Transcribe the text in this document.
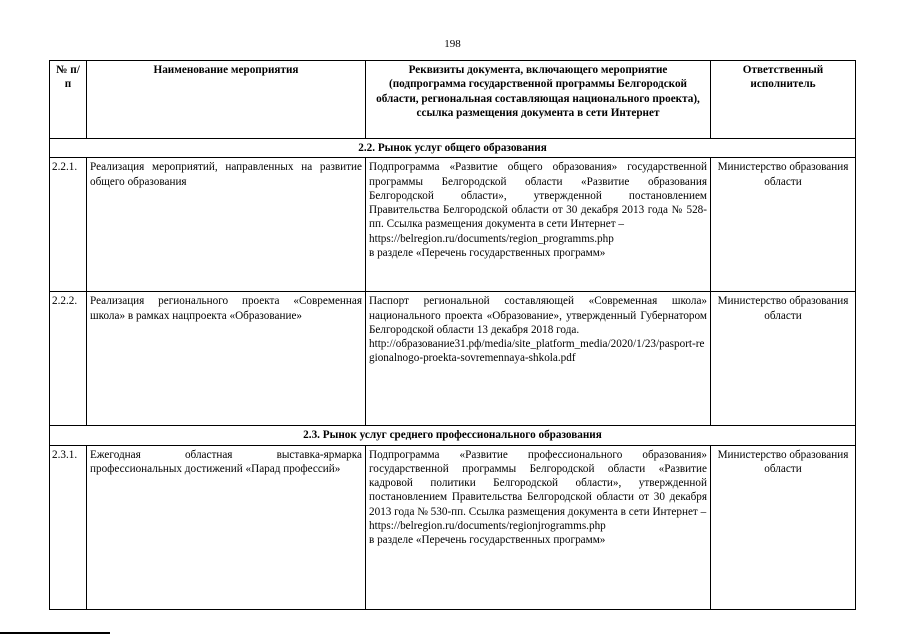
198
№ п/п	Наименование мероприятия	Реквизиты документа, включающего мероприятие (подпрограмма государственной программы Белгородской области, региональная составляющая национального проекта), ссылка размещения документа в сети Интернет	Ответственный исполнитель
2.2. Рынок услуг общего образования			
2.2.1.	Реализация мероприятий, направленных на развитие общего образования	Подпрограмма «Развитие общего образования» государственной программы Белгородской области «Развитие образования Белгородской области», утвержденной постановлением Правительства Белгородской области от 30 декабря 2013 года № 528-пп. Ссылка размещения документа в сети Интернет –
https://belregion.ru/documents/region_programms.php
в разделе «Перечень государственных программ»	Министерство образования области
2.2.2.	Реализация регионального проекта «Современная школа» в рамках нацпроекта «Образование»	Паспорт региональной составляющей «Современная школа» национального проекта «Образование», утвержденный Губернатором Белгородской области 13 декабря 2018 года.
http://образование31.рф/media/site_platform_media/2020/1/23/pasport-regionalnogo-proekta-sovremennaya-shkola.pdf	Министерство образования области
2.3. Рынок услуг среднего профессионального образования			
2.3.1.	Ежегодная областная выставка-ярмарка профессиональных достижений «Парад профессий»	Подпрограмма «Развитие профессионального образования» государственной программы Белгородской области «Развитие кадровой политики Белгородской области», утвержденной постановлением Правительства Белгородской области от 30 декабря 2013 года № 530-пп. Ссылка размещения документа в сети Интернет –
https://belregion.ru/documents/regionjrogramms.php
в разделе «Перечень государственных программ»	Министерство образования области
